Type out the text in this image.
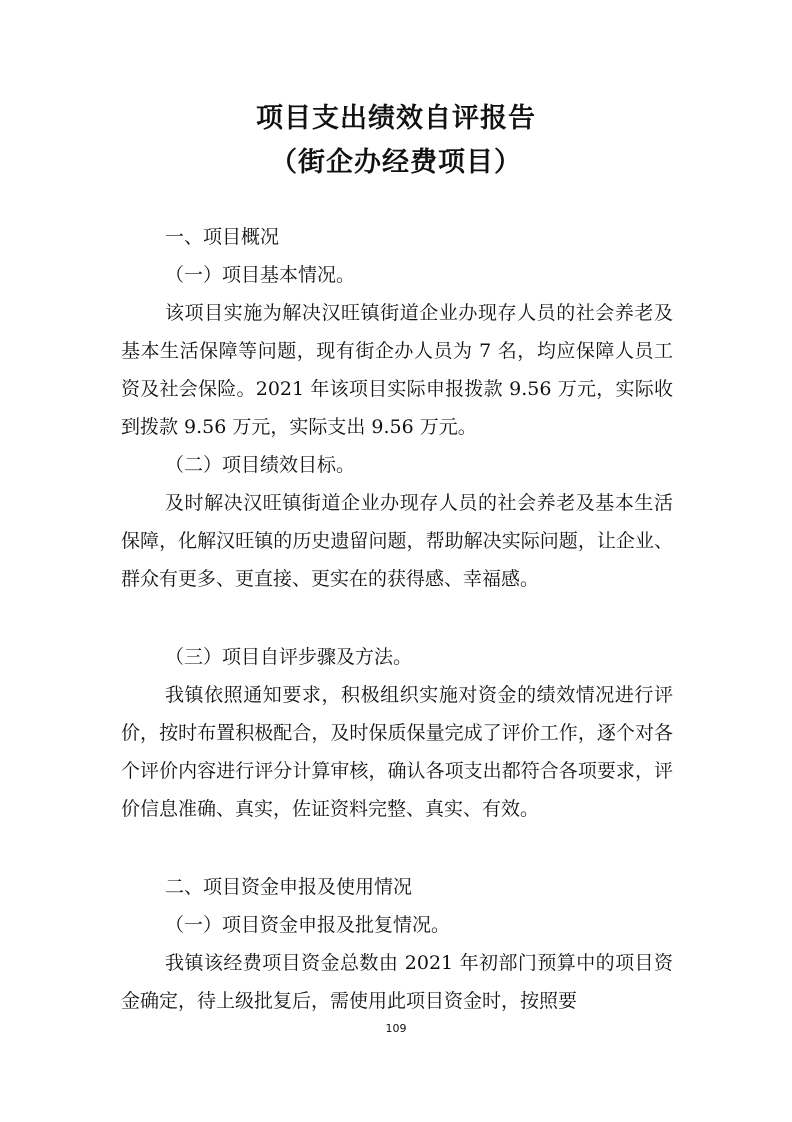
项目支出绩效自评报告
（街企办经费项目）
一、项目概况
（一）项目基本情况。
该项目实施为解决汉旺镇街道企业办现存人员的社会养老及基本生活保障等问题，现有街企办人员为 7 名，均应保障人员工资及社会保险。2021 年该项目实际申报拨款 9.56 万元，实际收到拨款 9.56 万元，实际支出 9.56 万元。
（二）项目绩效目标。
及时解决汉旺镇街道企业办现存人员的社会养老及基本生活保障，化解汉旺镇的历史遗留问题，帮助解决实际问题，让企业、群众有更多、更直接、更实在的获得感、幸福感。
（三）项目自评步骤及方法。
我镇依照通知要求，积极组织实施对资金的绩效情况进行评价，按时布置积极配合，及时保质保量完成了评价工作，逐个对各个评价内容进行评分计算审核，确认各项支出都符合各项要求，评价信息准确、真实，佐证资料完整、真实、有效。
二、项目资金申报及使用情况
（一）项目资金申报及批复情况。
我镇该经费项目资金总数由 2021 年初部门预算中的项目资金确定，待上级批复后，需使用此项目资金时，按照要
109
